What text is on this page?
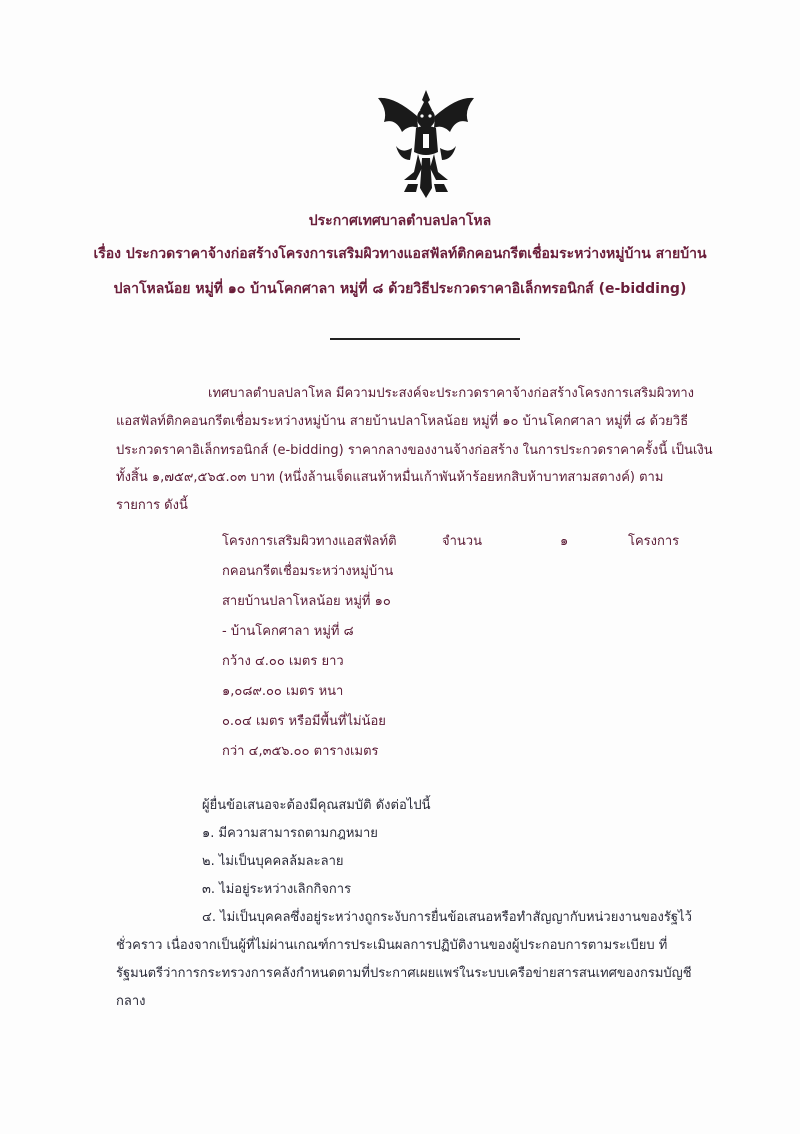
ประกาศเทศบาลตำบลปลาโหล
เรื่อง ประกวดราคาจ้างก่อสร้างโครงการเสริมผิวทางแอสฟัลท์ติกคอนกรีตเชื่อมระหว่างหมู่บ้าน สายบ้าน
ปลาโหลน้อย หมู่ที่ ๑๐ บ้านโคกศาลา หมู่ที่ ๘ ด้วยวิธีประกวดราคาอิเล็กทรอนิกส์ (e-bidding)
เทศบาลตำบลปลาโหล มีความประสงค์จะประกวดราคาจ้างก่อสร้างโครงการเสริมผิวทาง
แอสฟัลท์ติกคอนกรีตเชื่อมระหว่างหมู่บ้าน สายบ้านปลาโหลน้อย หมู่ที่ ๑๐ บ้านโคกศาลา หมู่ที่ ๘ ด้วยวิธี
ประกวดราคาอิเล็กทรอนิกส์ (e-bidding) ราคากลางของงานจ้างก่อสร้าง ในการประกวดราคาครั้งนี้ เป็นเงิน
ทั้งสิ้น ๑,๗๕๙,๕๖๕.๐๓ บาท (หนึ่งล้านเจ็ดแสนห้าหมื่นเก้าพันห้าร้อยหกสิบห้าบาทสามสตางค์) ตาม
รายการ ดังนี้
โครงการเสริมผิวทางแอสฟัลท์ติ
กคอนกรีตเชื่อมระหว่างหมู่บ้าน
สายบ้านปลาโหลน้อย หมู่ที่ ๑๐
- บ้านโคกศาลา หมู่ที่ ๘
กว้าง ๔.๐๐ เมตร ยาว
๑,๐๘๙.๐๐ เมตร หนา
๐.๐๔ เมตร หรือมีพื้นที่ไม่น้อย
กว่า ๔,๓๕๖.๐๐ ตารางเมตร
จำนวน	๑	โครงการ
ผู้ยื่นข้อเสนอจะต้องมีคุณสมบัติ ดังต่อไปนี้
๑. มีความสามารถตามกฎหมาย
๒. ไม่เป็นบุคคลล้มละลาย
๓. ไม่อยู่ระหว่างเลิกกิจการ
๔. ไม่เป็นบุคคลซึ่งอยู่ระหว่างถูกระงับการยื่นข้อเสนอหรือทำสัญญากับหน่วยงานของรัฐไว้
ชั่วคราว เนื่องจากเป็นผู้ที่ไม่ผ่านเกณฑ์การประเมินผลการปฏิบัติงานของผู้ประกอบการตามระเบียบ ที่
รัฐมนตรีว่าการกระทรวงการคลังกำหนดตามที่ประกาศเผยแพร่ในระบบเครือข่ายสารสนเทศของกรมบัญชี
กลาง
